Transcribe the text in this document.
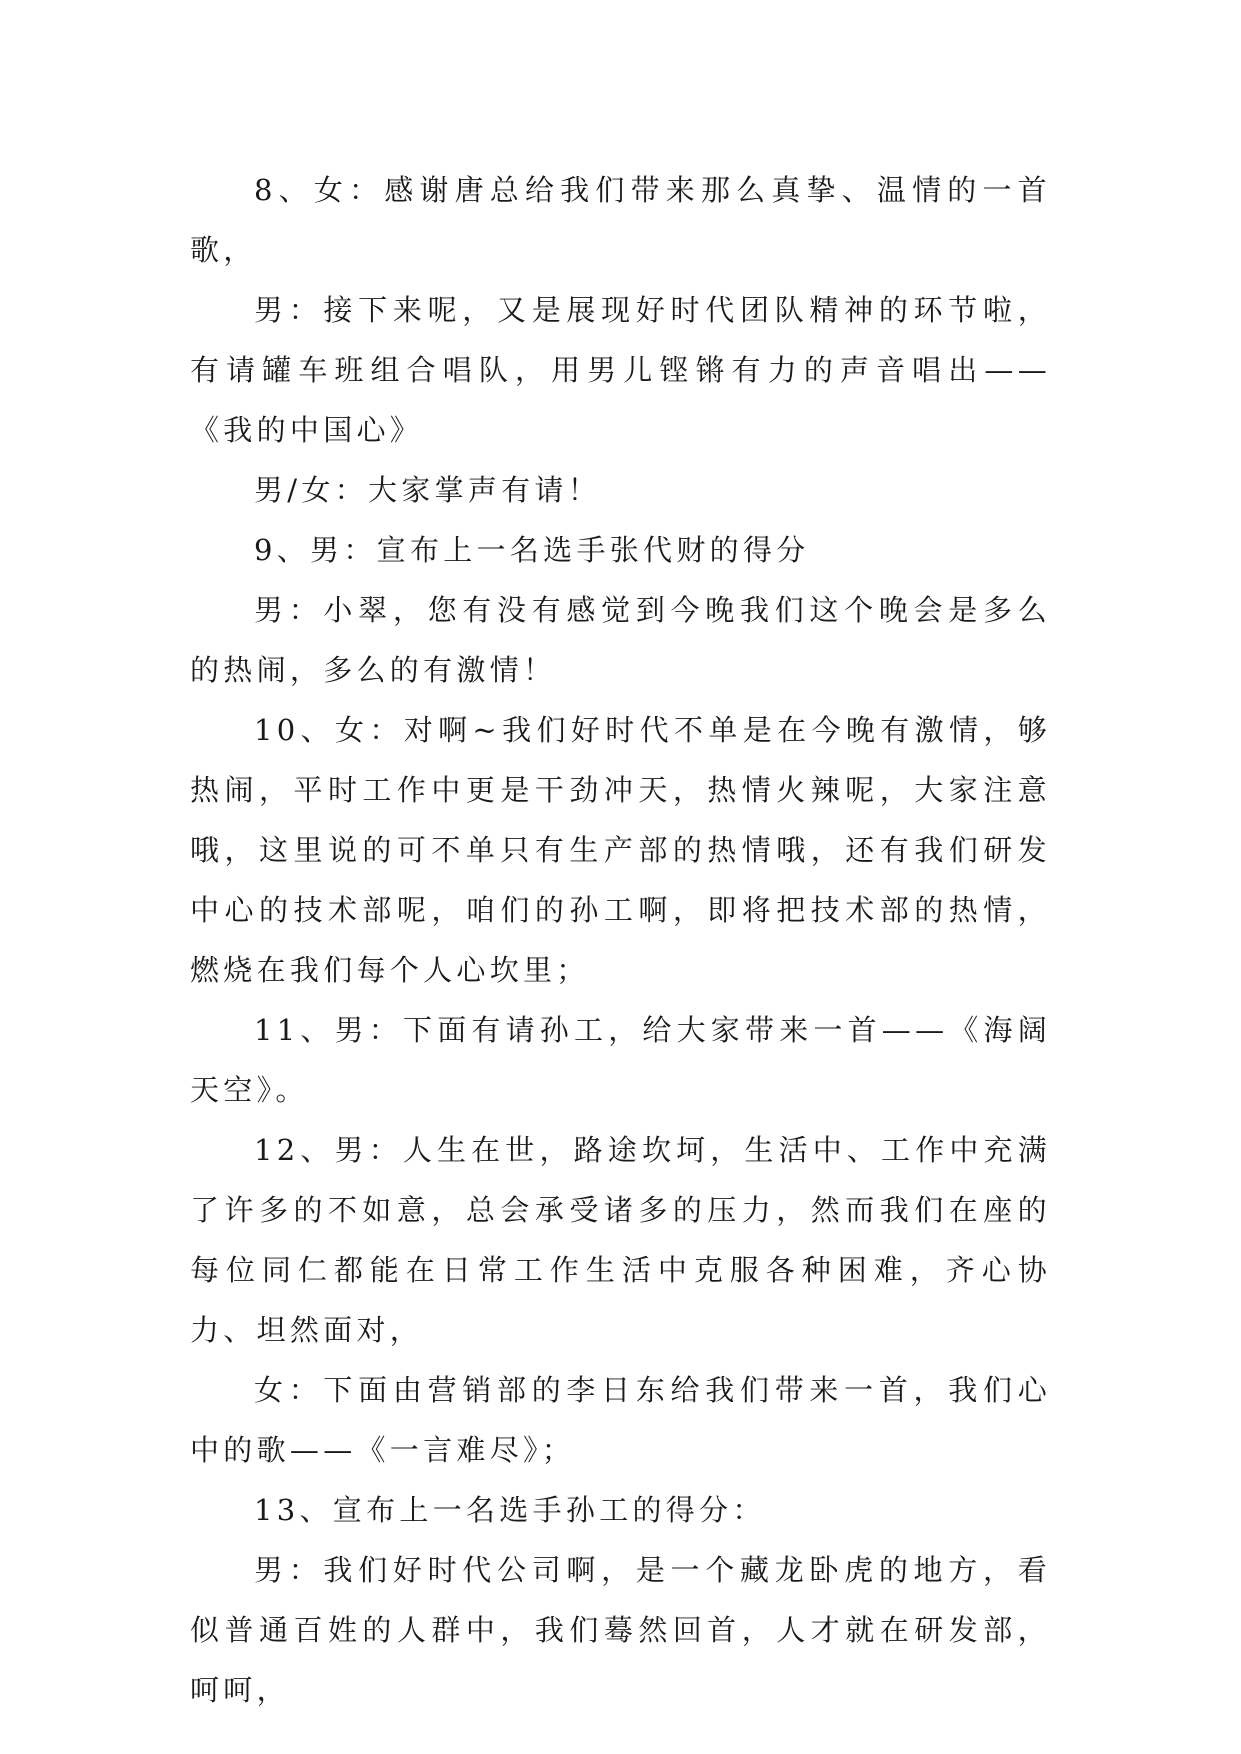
8、女：感谢唐总给我们带来那么真挚、温情的一首歌，

男：接下来呢，又是展现好时代团队精神的环节啦，有请罐车班组合唱队，用男儿铿锵有力的声音唱出——《我的中国心》

男/女：大家掌声有请！

9、男：宣布上一名选手张代财的得分

男：小翠，您有没有感觉到今晚我们这个晚会是多么的热闹，多么的有激情！

10、女：对啊~我们好时代不单是在今晚有激情，够热闹，平时工作中更是干劲冲天，热情火辣呢，大家注意哦，这里说的可不单只有生产部的热情哦，还有我们研发中心的技术部呢，咱们的孙工啊，即将把技术部的热情，燃烧在我们每个人心坎里；

11、男：下面有请孙工，给大家带来一首——《海阔天空》。

12、男：人生在世，路途坎坷，生活中、工作中充满了许多的不如意，总会承受诸多的压力，然而我们在座的每位同仁都能在日常工作生活中克服各种困难，齐心协力、坦然面对，

女：下面由营销部的李日东给我们带来一首，我们心中的歌——《一言难尽》；

13、宣布上一名选手孙工的得分：

男：我们好时代公司啊，是一个藏龙卧虎的地方，看似普通百姓的人群中，我们蓦然回首，人才就在研发部，呵呵，
